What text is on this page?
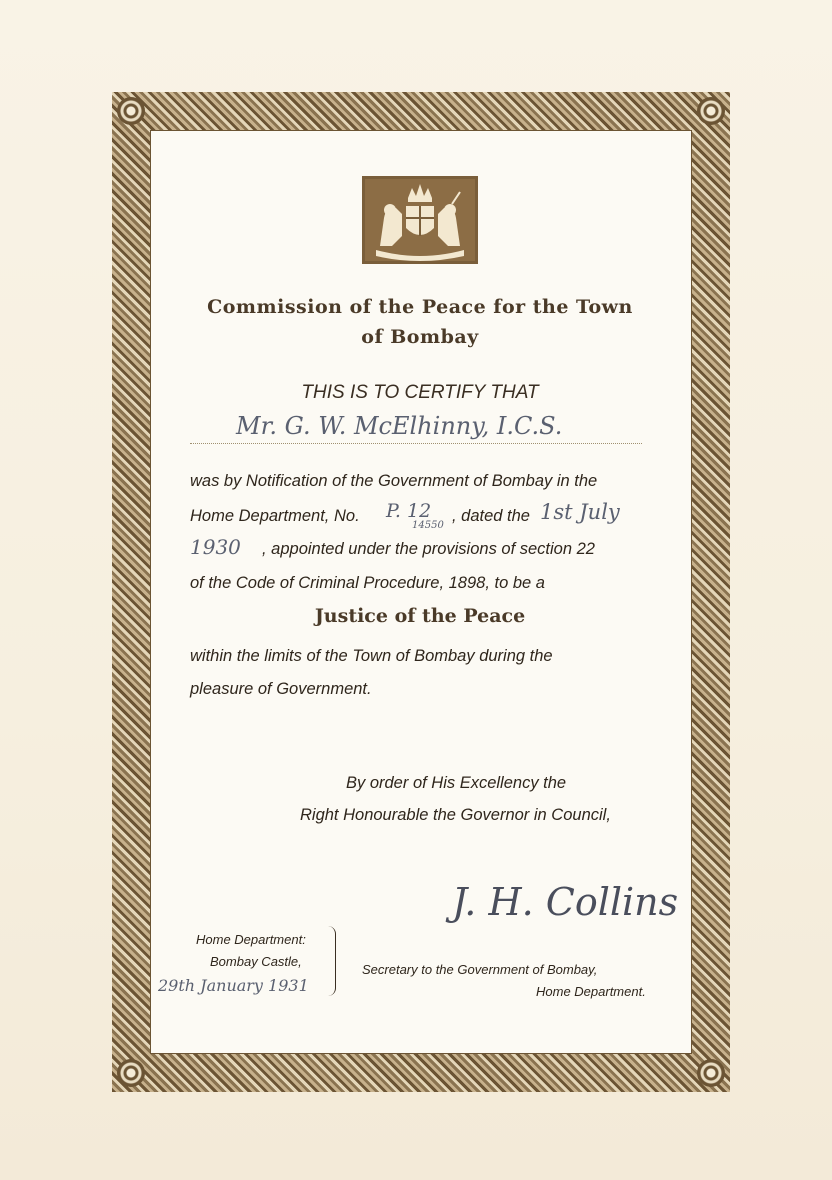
Commission of the Peace for the Town
of Bombay
THIS IS TO CERTIFY THAT
Mr. G. W. McElhinny, I.C.S.
was by Notification of the Government of Bombay in the
Home Department, No. P. 12
14550
, dated the 1st July
1930 , appointed under the provisions of section 22
of the Code of Criminal Procedure, 1898, to be a
Justice of the Peace
within the limits of the Town of Bombay during the
pleasure of Government.
By order of His Excellency the
Right Honourable the Governor in Council,
J. H. Collins
Home Department:
Bombay Castle,
29th January 1931
Secretary to the Government of Bombay,
Home Department.
